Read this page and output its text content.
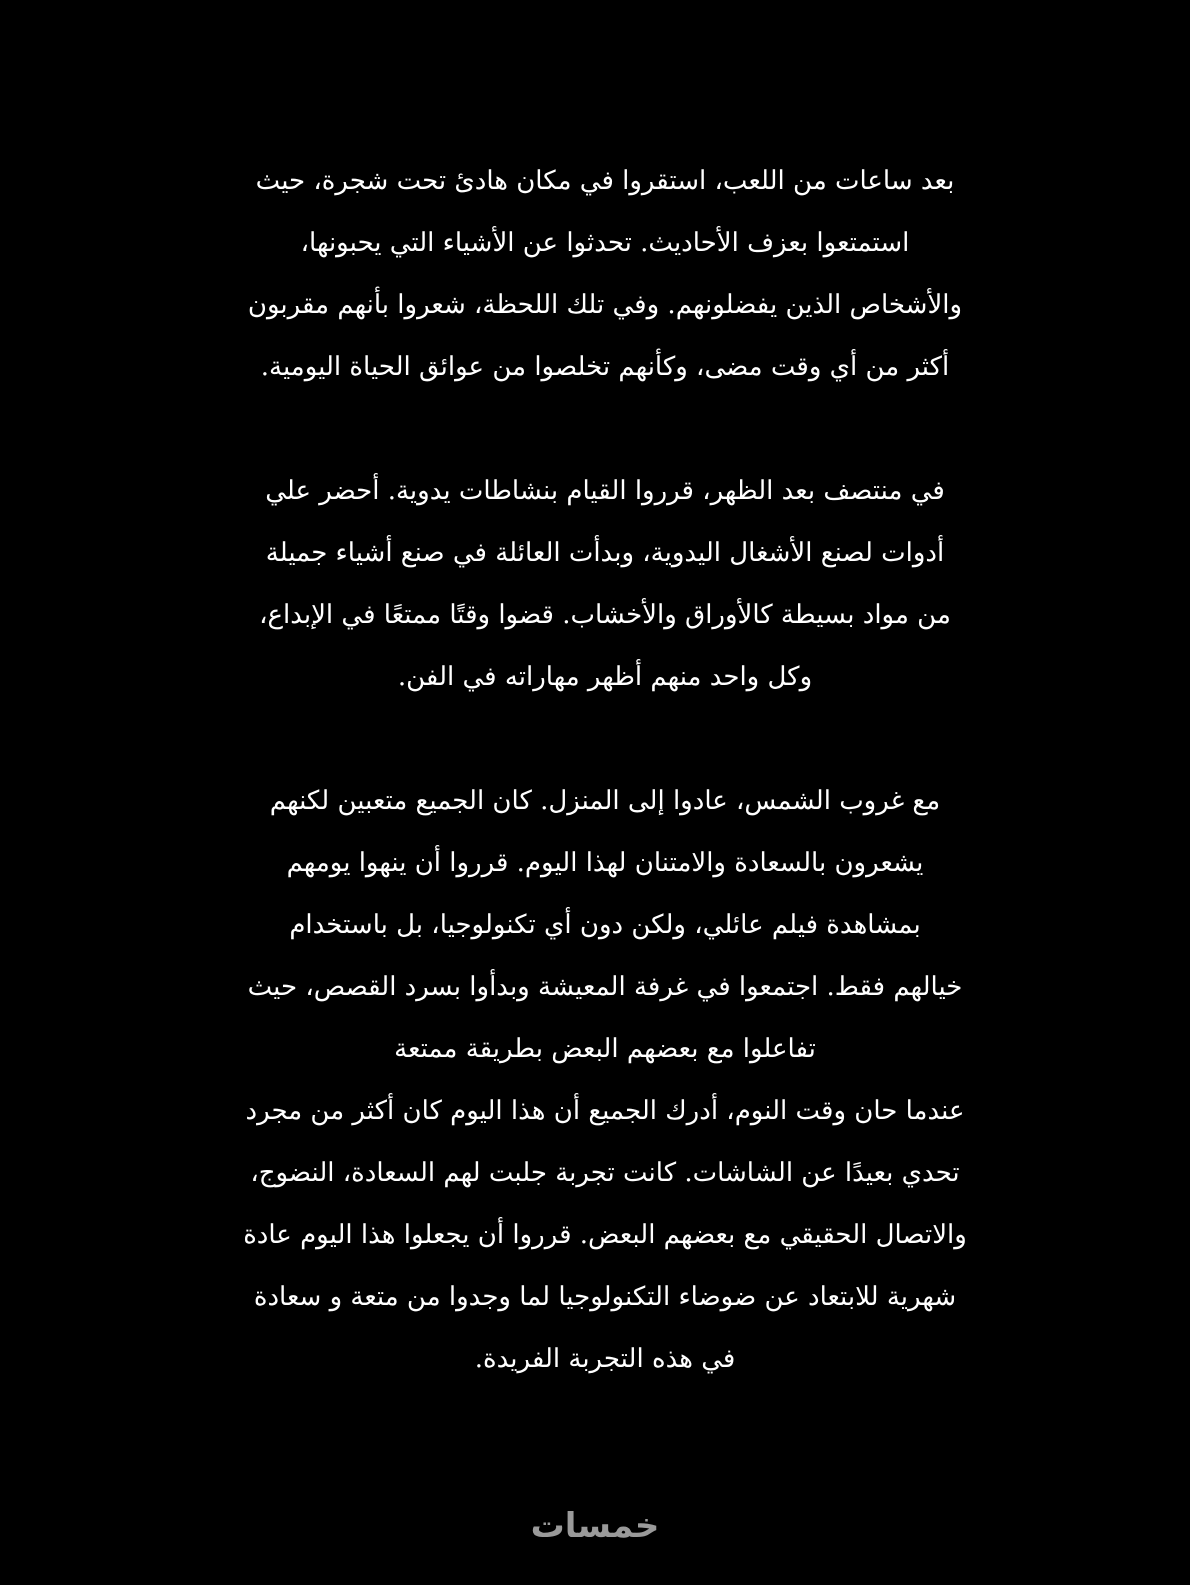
بعد ساعات من اللعب، استقروا في مكان هادئ تحت شجرة، حيث
استمتعوا بعزف الأحاديث. تحدثوا عن الأشياء التي يحبونها،
والأشخاص الذين يفضلونهم. وفي تلك اللحظة، شعروا بأنهم مقربون
أكثر من أي وقت مضى، وكأنهم تخلصوا من عوائق الحياة اليومية.
في منتصف بعد الظهر، قرروا القيام بنشاطات يدوية. أحضر علي
أدوات لصنع الأشغال اليدوية، وبدأت العائلة في صنع أشياء جميلة
من مواد بسيطة كالأوراق والأخشاب. قضوا وقتًا ممتعًا في الإبداع،
وكل واحد منهم أظهر مهاراته في الفن.
مع غروب الشمس، عادوا إلى المنزل. كان الجميع متعبين لكنهم
يشعرون بالسعادة والامتنان لهذا اليوم. قرروا أن ينهوا يومهم
بمشاهدة فيلم عائلي، ولكن دون أي تكنولوجيا، بل باستخدام
خيالهم فقط. اجتمعوا في غرفة المعيشة وبدأوا بسرد القصص، حيث
تفاعلوا مع بعضهم البعض بطريقة ممتعة
عندما حان وقت النوم، أدرك الجميع أن هذا اليوم كان أكثر من مجرد
تحدي بعيدًا عن الشاشات. كانت تجربة جلبت لهم السعادة، النضوج،
والاتصال الحقيقي مع بعضهم البعض. قرروا أن يجعلوا هذا اليوم عادة
شهرية للابتعاد عن ضوضاء التكنولوجيا لما وجدوا من متعة و سعادة
في هذه التجربة الفريدة.
خمسات
